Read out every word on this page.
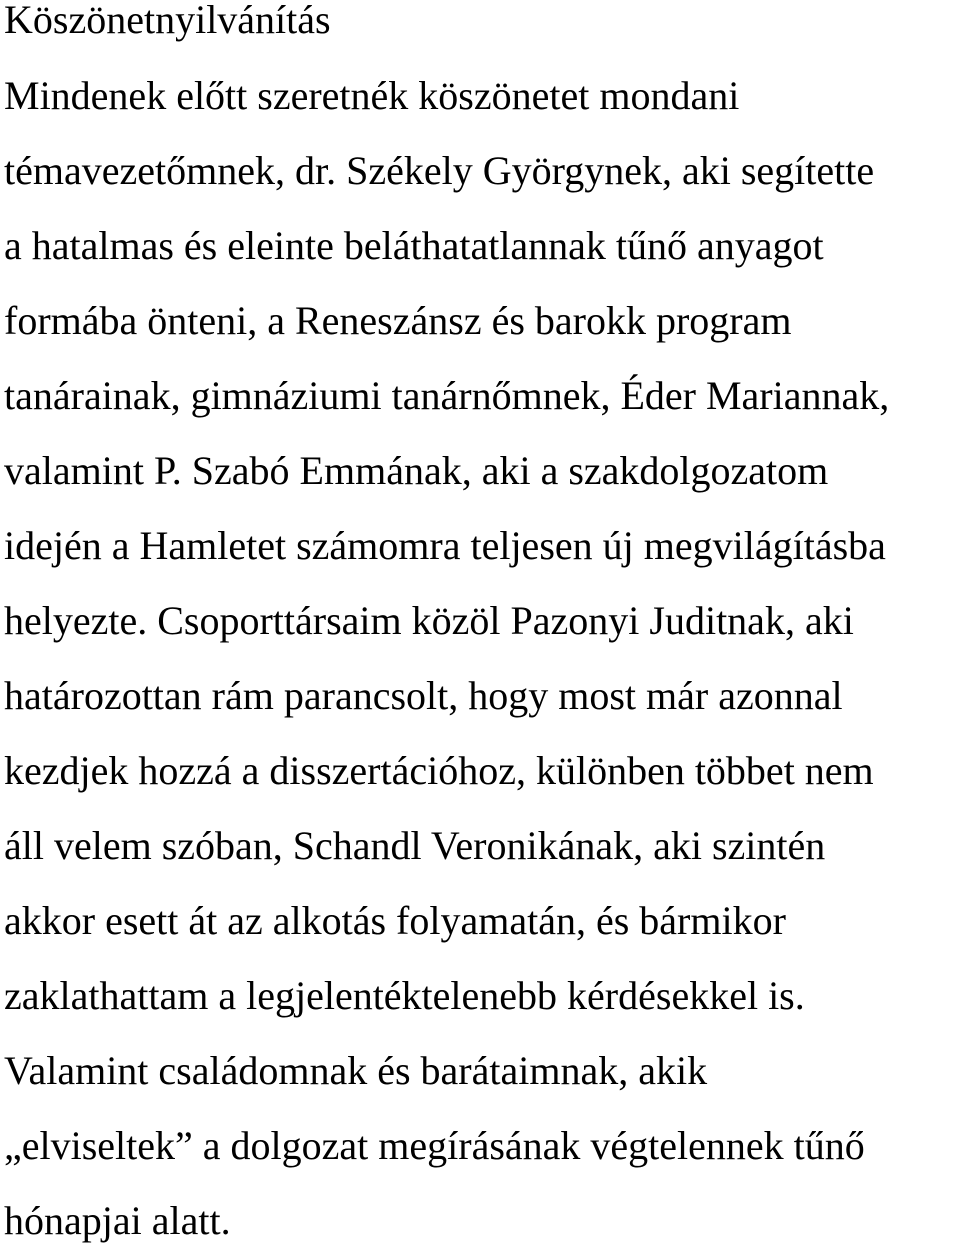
Köszönetnyilvánítás
Mindenek előtt szeretnék köszönetet mondani
témavezetőmnek, dr. Székely Györgynek, aki segítette
a hatalmas és eleinte beláthatatlannak tűnő anyagot
formába önteni, a Reneszánsz és barokk program
tanárainak, gimnáziumi tanárnőmnek, Éder Mariannak,
valamint P. Szabó Emmának, aki a szakdolgozatom
idején a Hamletet számomra teljesen új megvilágításba
helyezte. Csoporttársaim közöl Pazonyi Juditnak, aki
határozottan rám parancsolt, hogy most már azonnal
kezdjek hozzá a disszertációhoz, különben többet nem
áll velem szóban, Schandl Veronikának, aki szintén
akkor esett át az alkotás folyamatán, és bármikor
zaklathattam a legjelentéktelenebb kérdésekkel is.
Valamint családomnak és barátaimnak, akik
„elviseltek” a dolgozat megírásának végtelennek tűnő
hónapjai alatt.
